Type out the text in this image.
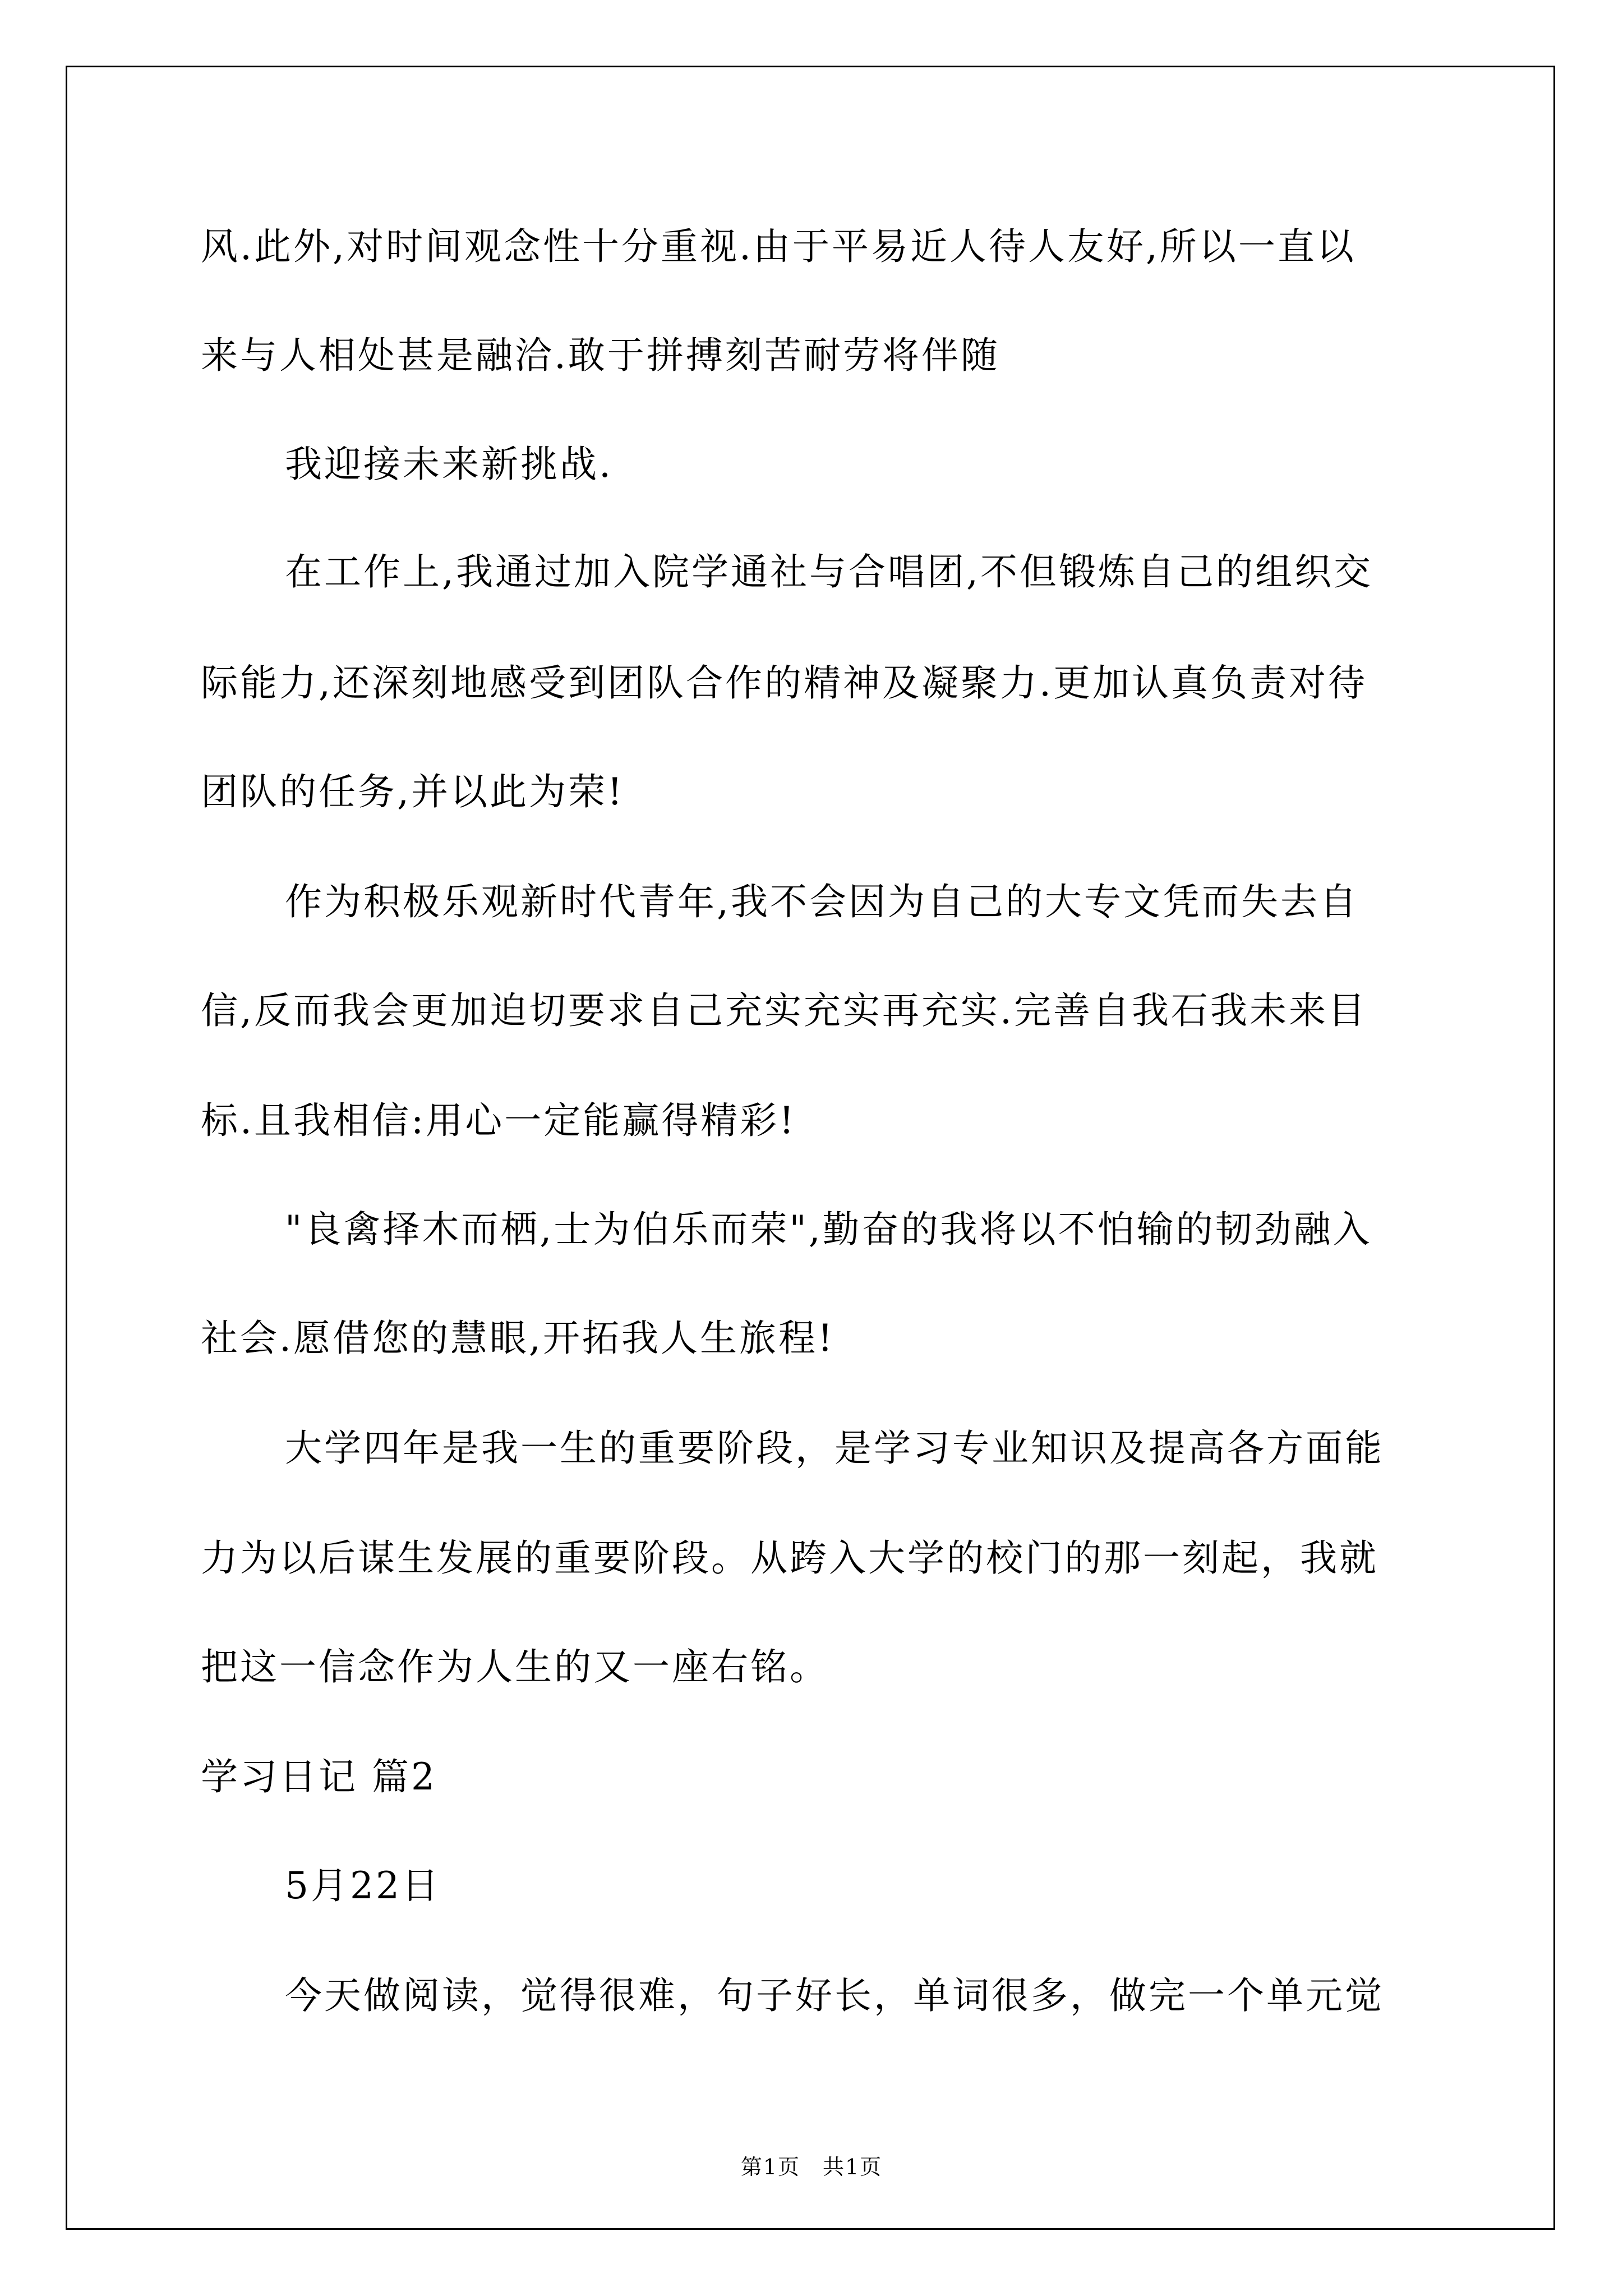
风.此外,对时间观念性十分重视.由于平易近人待人友好,所以一直以
来与人相处甚是融洽.敢于拼搏刻苦耐劳将伴随
我迎接未来新挑战.
在工作上,我通过加入院学通社与合唱团,不但锻炼自己的组织交
际能力,还深刻地感受到团队合作的精神及凝聚力.更加认真负责对待
团队的任务,并以此为荣!
作为积极乐观新时代青年,我不会因为自己的大专文凭而失去自
信,反而我会更加迫切要求自己充实充实再充实.完善自我石我未来目
标.且我相信:用心一定能赢得精彩!
"良禽择木而栖,士为伯乐而荣",勤奋的我将以不怕输的韧劲融入
社会.愿借您的慧眼,开拓我人生旅程!
大学四年是我一生的重要阶段，是学习专业知识及提高各方面能
力为以后谋生发展的重要阶段。从跨入大学的校门的那一刻起，我就
把这一信念作为人生的又一座右铭。
学习日记 篇2
5月22日
今天做阅读，觉得很难，句子好长，单词很多，做完一个单元觉
第1页　共1页
